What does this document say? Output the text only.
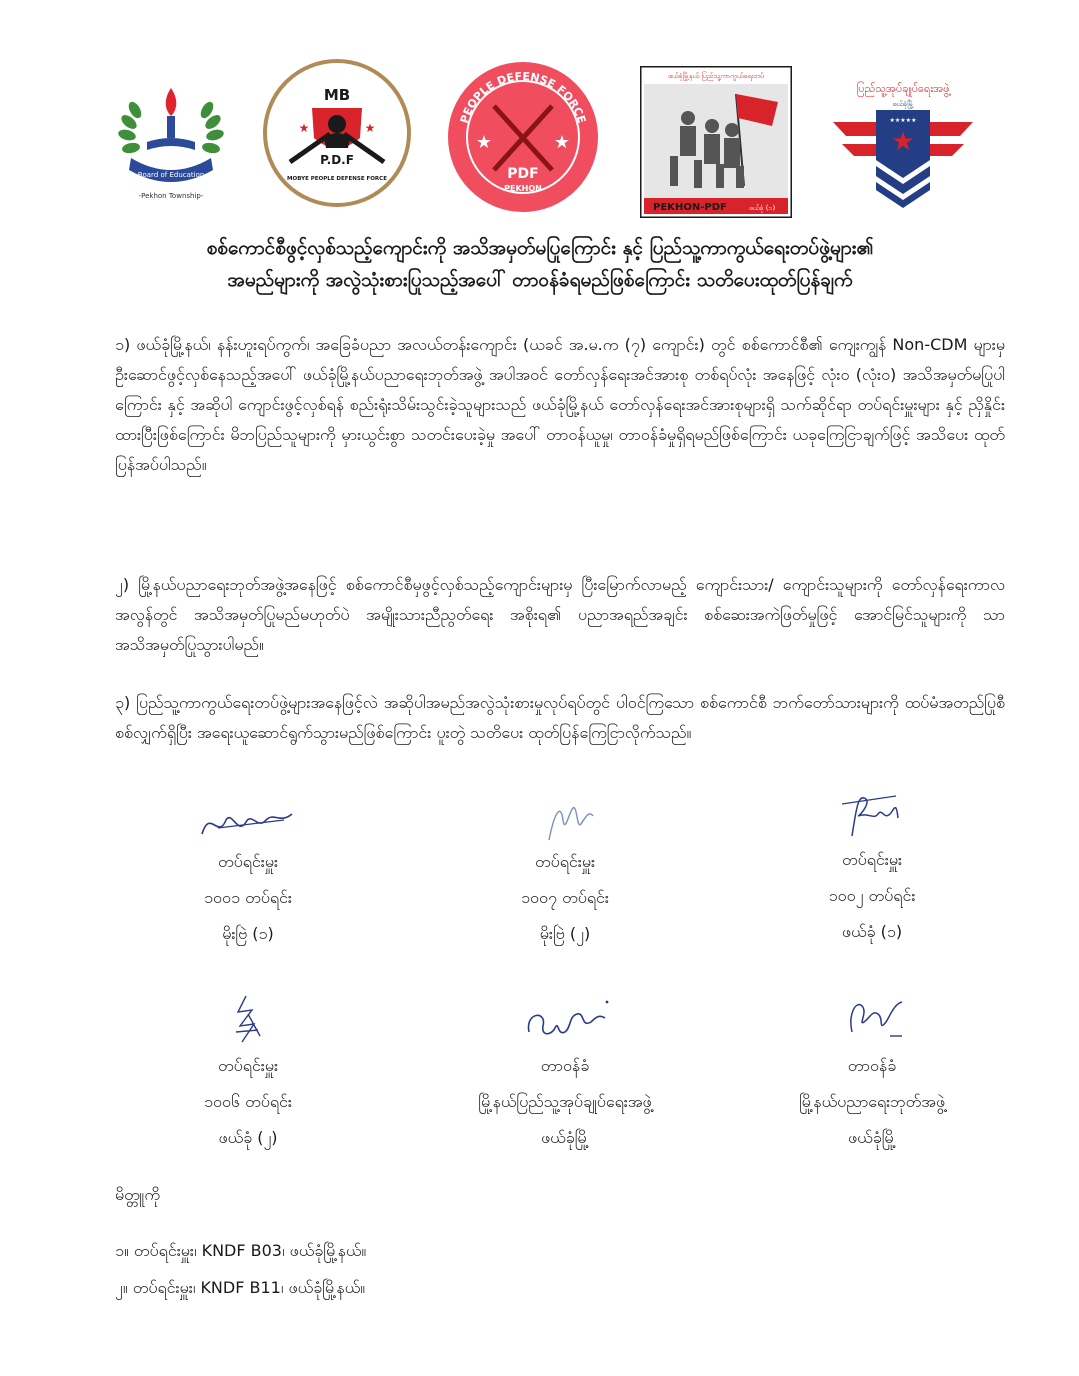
Board of Education
-Pekhon Township-
MB
★	★
P.D.F
MOBYE PEOPLE DEFENSE FORCE
PEOPLE DEFENSE FORCE
★	★
PDF
PEKHON
ဖယ်ခုံမြို့နယ် ပြည်သူ့ကာကွယ်ရေးတပ်
PEKHON-PDF	ဖယ်ခုံ (၁)
ပြည်သူ့အုပ်ချုပ်ရေးအဖွဲ့
ဖယ်ခုံမြို့
★★★★★
★
စစ်ကောင်စီဖွင့်လှစ်သည့်ကျောင်းကို အသိအမှတ်မပြုကြောင်း နှင့် ပြည်သူ့ကာကွယ်ရေးတပ်ဖွဲ့များ၏
အမည်များကို အလွဲသုံးစားပြုသည့်အပေါ် တာဝန်ခံရမည်ဖြစ်ကြောင်း သတိပေးထုတ်ပြန်ချက်
၁) ဖယ်ခုံမြို့နယ်၊ နန်းဟူးရပ်ကွက်၊ အခြေခံပညာ အလယ်တန်းကျောင်း (ယခင် အ.မ.က (၇) ကျောင်း) တွင် စစ်ကောင်စီ၏ ကျေးကျွန် Non-CDM များမှ ဦးဆောင်ဖွင့်လှစ်နေသည့်အပေါ် ဖယ်ခုံမြို့နယ်ပညာရေးဘုတ်အဖွဲ့ အပါအဝင် တော်လှန်ရေးအင်အားစု တစ်ရပ်လုံး အနေဖြင့် လုံးဝ (လုံးဝ) အသိအမှတ်မပြုပါကြောင်း နှင့် အဆိုပါ ကျောင်းဖွင့်လှစ်ရန် စည်းရုံးသိမ်းသွင်းခဲ့သူများသည် ဖယ်ခုံမြို့နယ် တော်လှန်ရေးအင်အားစုများရှိ သက်ဆိုင်ရာ တပ်ရင်းမှူးများ နှင့် ညှိနှိုင်းထားပြီးဖြစ်ကြောင်း မိဘပြည်သူများကို မှားယွင်းစွာ သတင်းပေးခဲ့မှု အပေါ် တာဝန်ယူမှု၊ တာဝန်ခံမှုရှိရမည်ဖြစ်ကြောင်း ယခုကြေငြာချက်ဖြင့် အသိပေး ထုတ်ပြန်အပ်ပါသည်။
၂) မြို့နယ်ပညာရေးဘုတ်အဖွဲ့အနေဖြင့် စစ်ကောင်စီမှဖွင့်လှစ်သည့်ကျောင်းများမှ ပြီးမြောက်လာမည့် ကျောင်းသား/ ကျောင်းသူများကို တော်လှန်ရေးကာလအလွန်တွင် အသိအမှတ်ပြုမည်မဟုတ်ပဲ အမျိုးသားညီညွတ်ရေး အစိုးရ၏ ပညာအရည်အချင်း စစ်ဆေးအကဲဖြတ်မှုဖြင့် အောင်မြင်သူများကို သာ အသိအမှတ်ပြုသွားပါမည်။
၃) ပြည်သူ့ကာကွယ်ရေးတပ်ဖွဲ့များအနေဖြင့်လဲ အဆိုပါအမည်အလွဲသုံးစားမှုလုပ်ရပ်တွင် ပါဝင်ကြသော စစ်ကောင်စီ ဘက်တော်သားများကို ထပ်မံအတည်ပြုစီစစ်လျှက်ရှိပြီး အရေးယူဆောင်ရွက်သွားမည်ဖြစ်ကြောင်း ပူးတွဲ သတိပေး ထုတ်ပြန်ကြေငြာလိုက်သည်။
တပ်ရင်းမှူး
၁၀၀၁ တပ်ရင်း
မိုးဗြဲ (၁)
တပ်ရင်းမှူး
၁၀၀၇ တပ်ရင်း
မိုးဗြဲ (၂)
တပ်ရင်းမှူး
၁၀၀၂ တပ်ရင်း
ဖယ်ခုံ (၁)
တပ်ရင်းမှူး
၁၀၀၆ တပ်ရင်း
ဖယ်ခုံ (၂)
တာဝန်ခံ
မြို့နယ်ပြည်သူ့အုပ်ချုပ်ရေးအဖွဲ့
ဖယ်ခုံမြို့
တာဝန်ခံ
မြို့နယ်ပညာရေးဘုတ်အဖွဲ့
ဖယ်ခုံမြို့
မိတ္တူကို
၁။ တပ်ရင်းမှူး၊ KNDF B03၊ ဖယ်ခုံမြို့နယ်။
၂။ တပ်ရင်းမှူး၊ KNDF B11၊ ဖယ်ခုံမြို့နယ်။
